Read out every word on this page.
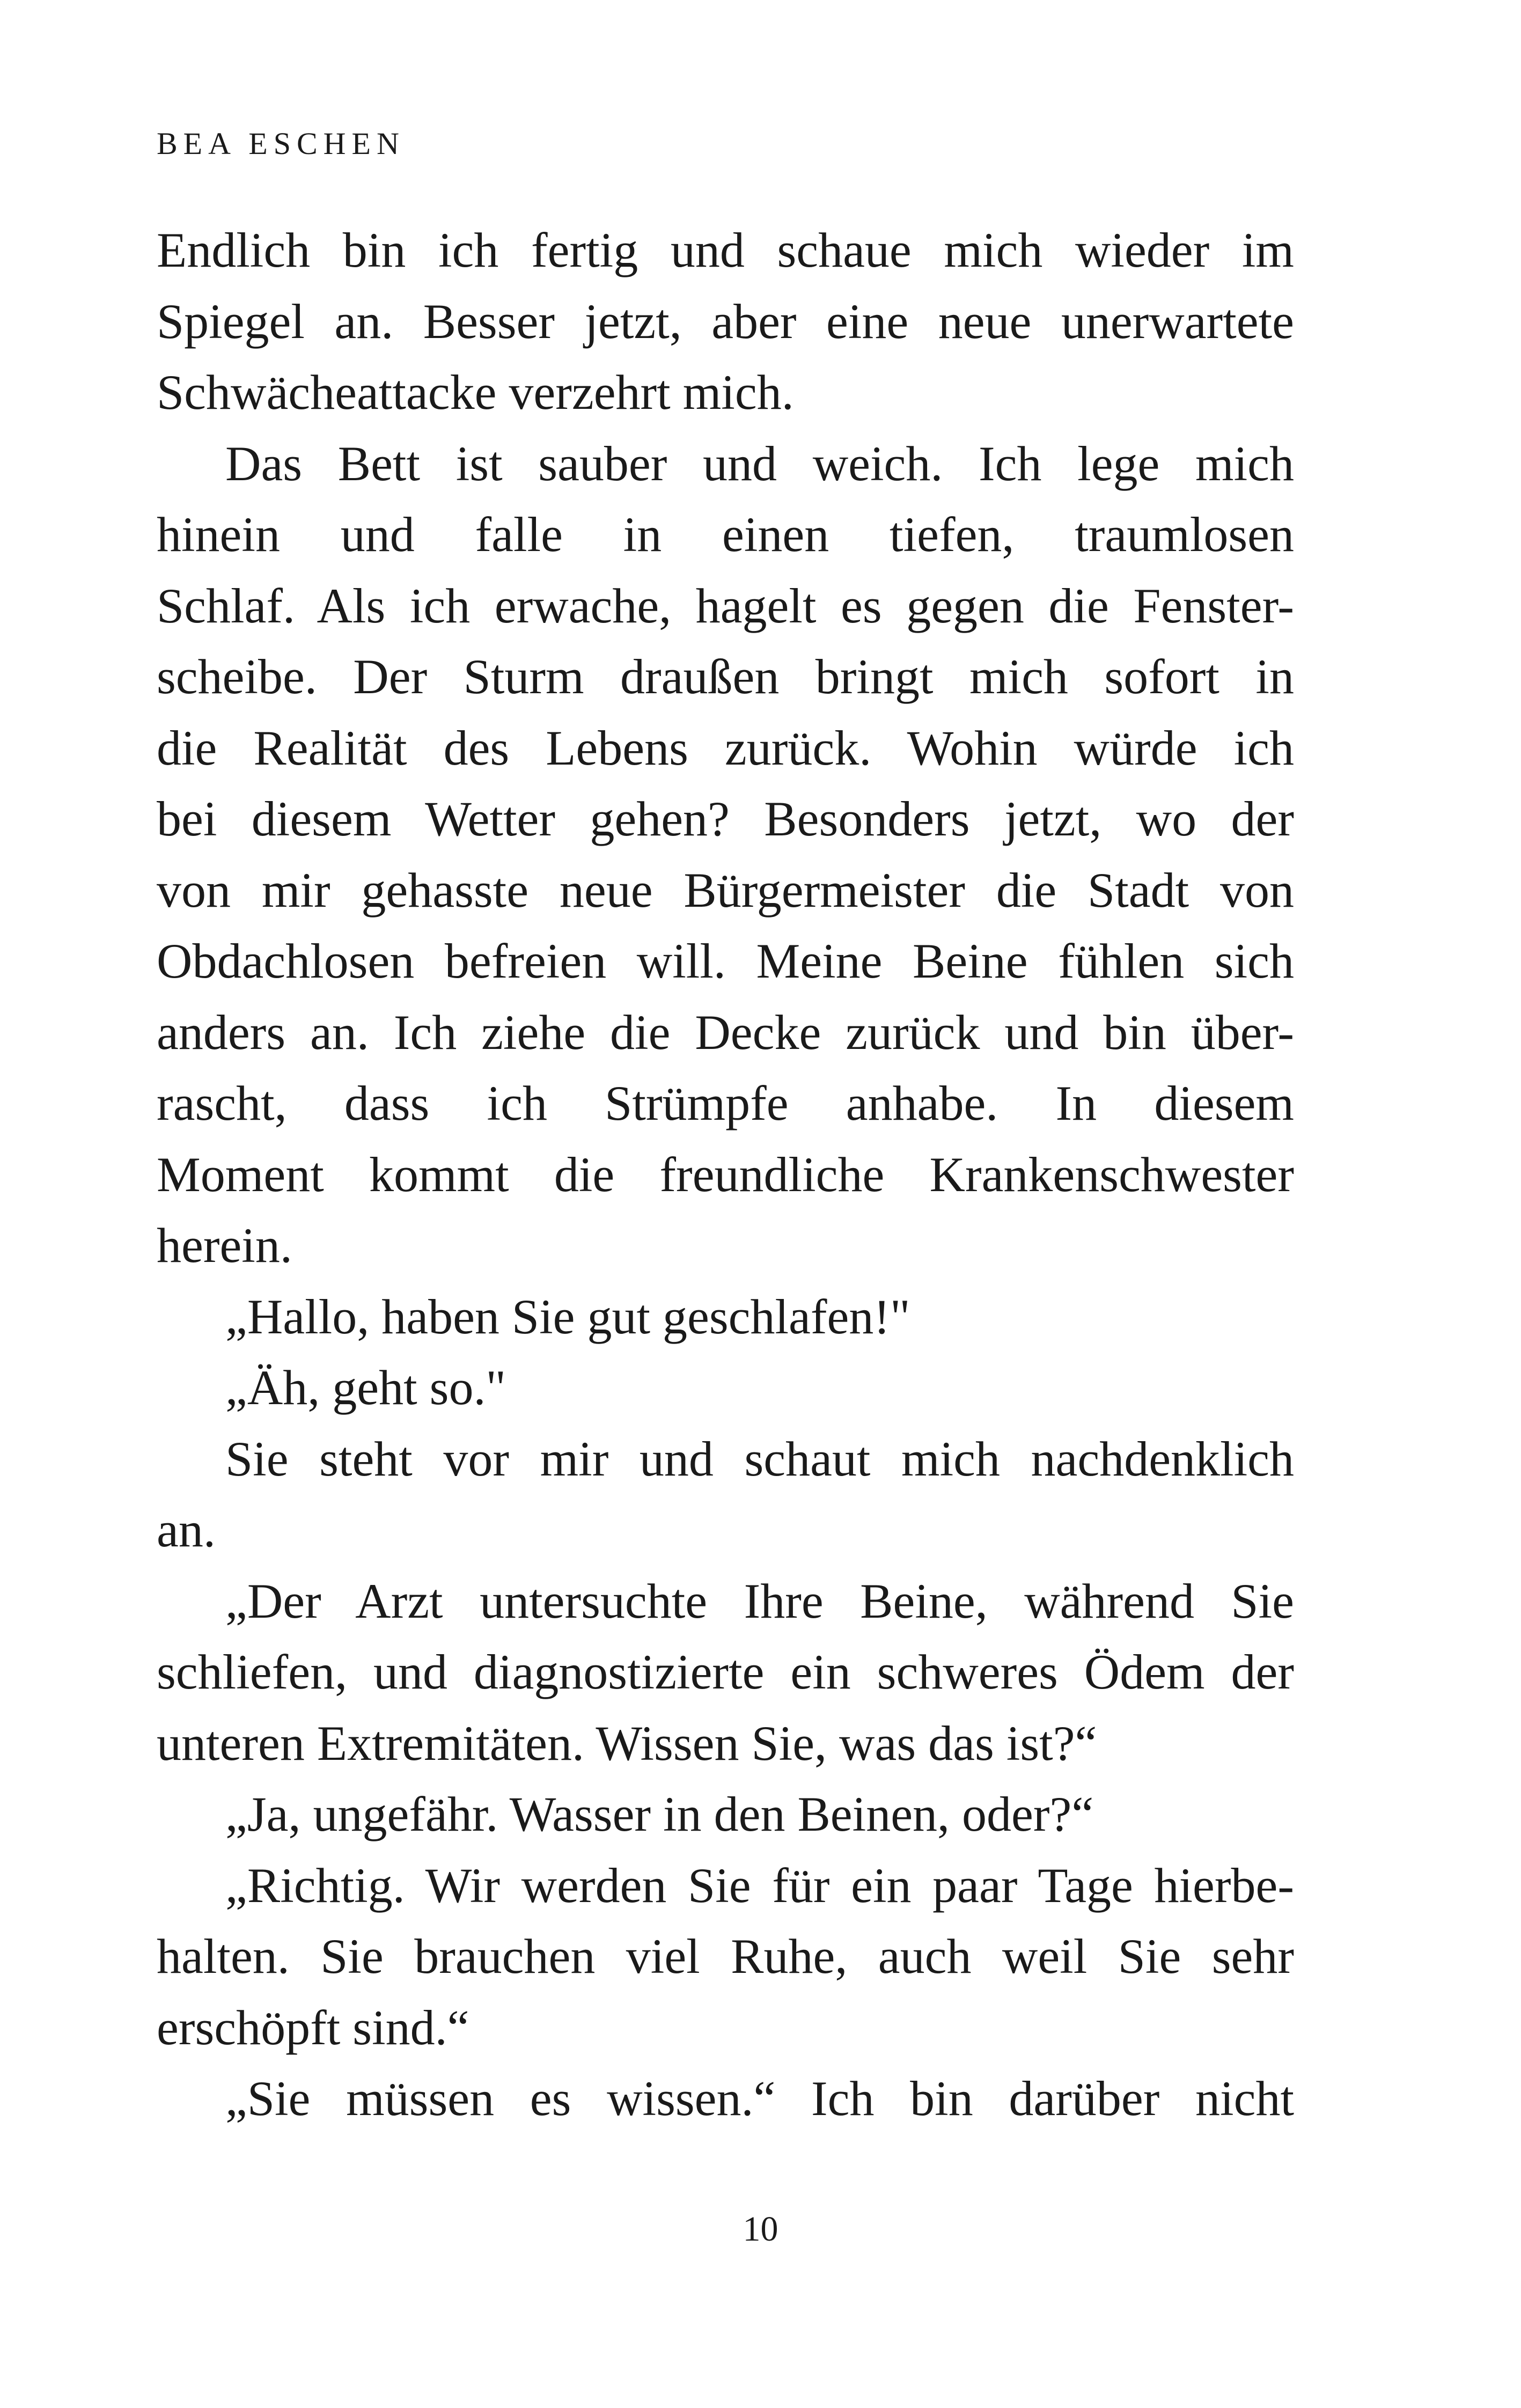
BEA ESCHEN
Endlich bin ich fertig und schaue mich wieder im
Spiegel an. Besser jetzt, aber eine neue unerwartete
Schwächeattacke verzehrt mich.
Das Bett ist sauber und weich. Ich lege mich
hinein und falle in einen tiefen, traumlosen
Schlaf. Als ich erwache, hagelt es gegen die Fenster-
scheibe. Der Sturm draußen bringt mich sofort in
die Realität des Lebens zurück. Wohin würde ich
bei diesem Wetter gehen? Besonders jetzt, wo der
von mir gehasste neue Bürgermeister die Stadt von
Obdachlosen befreien will. Meine Beine fühlen sich
anders an. Ich ziehe die Decke zurück und bin über-
rascht, dass ich Strümpfe anhabe. In diesem
Moment kommt die freundliche Krankenschwester
herein.
„Hallo, haben Sie gut geschlafen!"
„Äh, geht so."
Sie steht vor mir und schaut mich nachdenklich
an.
„Der Arzt untersuchte Ihre Beine, während Sie
schliefen, und diagnostizierte ein schweres Ödem der
unteren Extremitäten. Wissen Sie, was das ist?“
„Ja, ungefähr. Wasser in den Beinen, oder?“
„Richtig. Wir werden Sie für ein paar Tage hierbe-
halten. Sie brauchen viel Ruhe, auch weil Sie sehr
erschöpft sind.“
„Sie müssen es wissen.“ Ich bin darüber nicht
10
